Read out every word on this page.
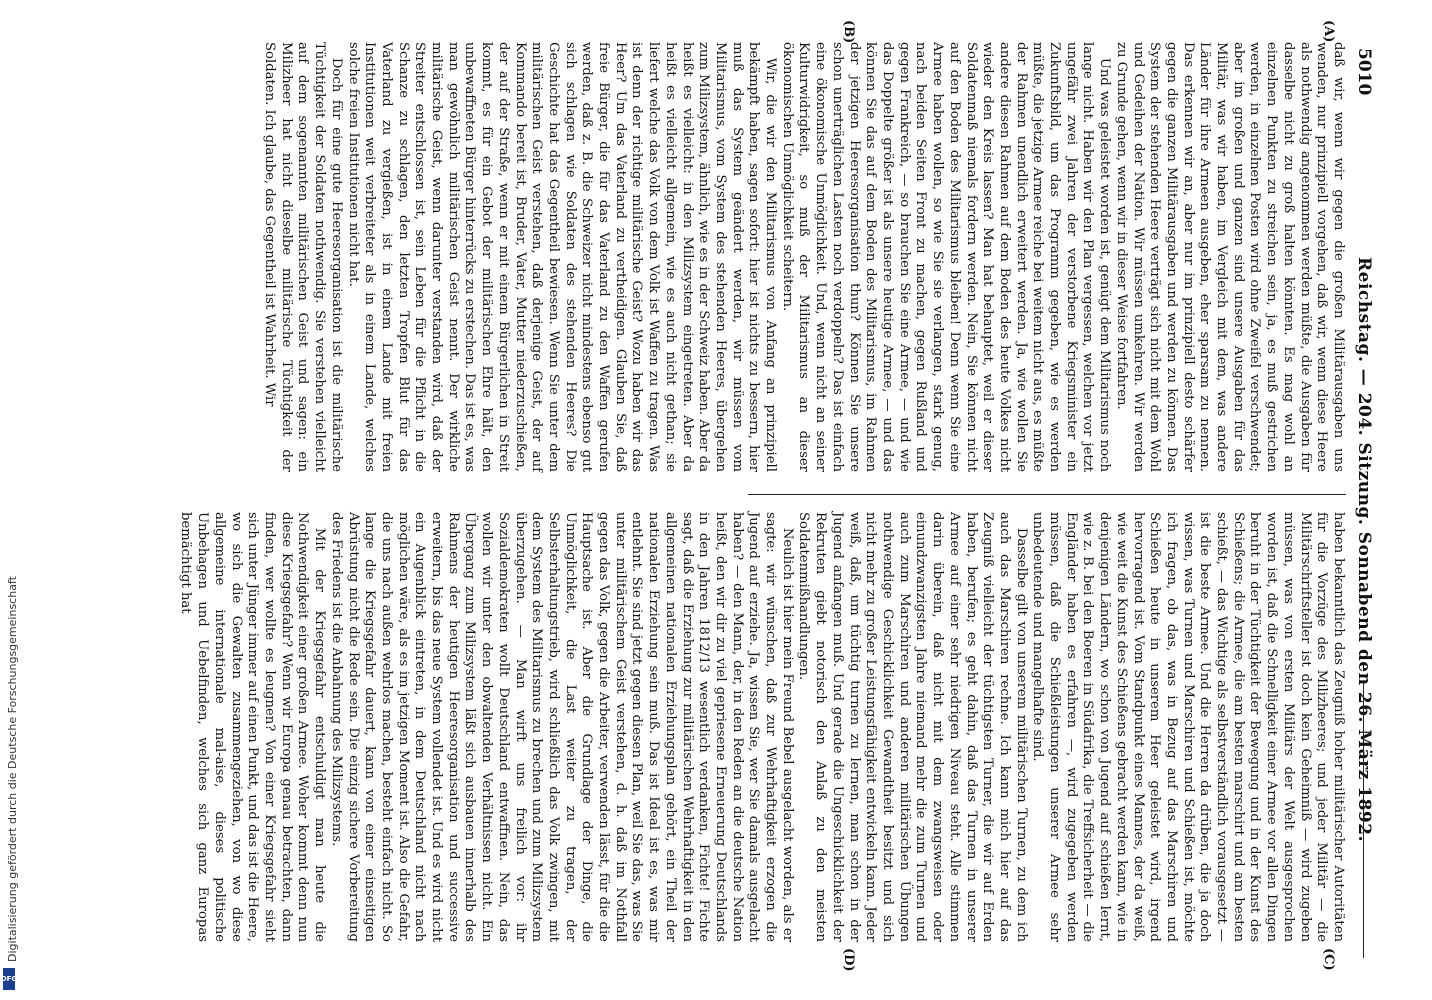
5010
Reichstag. — 204. Sitzung. Sonnabend den 26. März 1892.
(A)
(B)
(C)
(D)

daß wir, wenn wir gegen die großen Militärausgaben uns wenden, nur prinzipiell vorgehen, daß wir, wenn diese Heere als nothwendig angenommen werden müßte, die Ausgaben für dasselbe nicht zu groß halten könnten. Es mag wohl an einzelnen Punkten zu streichen sein, ja, es muß gestrichen werden, in einzelnen Posten wird ohne Zweifel verschwendet; aber im großen und ganzen sind unsere Ausgaben für das Militär, was wir haben, im Vergleich mit dem, was andere Länder für ihre Armeen ausgeben, eher sparsam zu nennen. Das erkennen wir an, aber nur im prinzipiell desto schärfer gegen die ganzen Militärausgaben und werden zu können. Das System der stehenden Heere verträgt sich nicht mit dem Wohl und Gedeihen der Nation. Wir müssen umkehren. Wir werden zu Grunde gehen, wenn wir in dieser Weise fortfahren.

Und was geleistet worden ist, genügt dem Militarismus noch lange nicht. Haben wir den Plan vergessen, welchen vor jetzt ungefähr zwei Jahren der verstorbene Kriegsminister ein Zukunftsbild, um das Programm gegeben, wie es werden müßte, die jetzige Armee reiche bei weitem nicht aus, es müßte der Rahmen unendlich erweitert werden. Ja, wie wollen Sie andere diesen Rahmen auf dem Boden des heute Volkes nicht wieder den Kreis lassen? Man hat behauptet, weil er dieser Soldatenmaß niemals fordern werden. Nein, Sie können nicht auf den Boden des Militarismus bleiben! Denn wenn Sie eine Armee haben wollen, so wie Sie sie verlangen, stark genug, nach beiden Seiten Front zu machen, gegen Rußland und gegen Frankreich, — so brauchen Sie eine Armee, — und wie das Doppelte größer ist als unsere heutige Armee, — und das können Sie das auf dem Boden des Militarismus, im Rahmen der jetzigen Heeresorganisation thun? Können Sie unsere schon unerträglichen Lasten noch verdoppeln? Das ist einfach eine ökonomische Unmöglichkeit. Und, wenn nicht an seiner Kulturwidrigkeit, so muß der Militarismus an dieser ökonomischen Unmöglichkeit scheitern.

Wir, die wir den Militarismus von Anfang an prinzipiell bekämpft haben, sagen sofort: hier ist nichts zu bessern, hier muß das System geändert werden, wir müssen vom Militarismus, vom System des stehenden Heeres, übergehen zum Milizsystem, ähnlich, wie es in der Schweiz haben. Aber da heißt es vielleicht: in den Milizsystem eingetreten. Aber da heißt es vielleicht allgemein, wie es auch nicht gethan; sie liefert welche das Volk von dem Volk ist Waffen zu tragen. Was ist denn der richtige militärische Geist? Wozu haben wir das Heer? Um das Vaterland zu vertheidigen. Glauben Sie, daß freie Bürger, die für das Vaterland zu den Waffen gerufen werden, daß z. B. die Schweizer nicht mindestens ebenso gut sich schlagen wie Soldaten des stehenden Heeres? Die Geschichte hat das Gegentheil bewiesen. Wenn Sie unter dem militärischen Geist verstehen, daß derjenige Geist, der auf Kommando bereit ist, Bruder, Vater, Mutter niederzuschießen, der auf der Straße, wenn er mit einem Bürgerlichen in Streit kommt, es für ein Gebot der militärischen Ehre hält, den unbewaffneten Bürger hinterrücks zu erstechen. Das ist es, was man gewöhnlich militärischen Geist nennt. Der wirkliche militärische Geist, wenn darunter verstanden wird, daß der Streiter entschlossen ist, sein Leben für die Pflicht in die Schanze zu schlagen, den letzten Tropfen Blut für das Vaterland zu vergießen, ist in einem Lande mit freien Institutionen weit verbreiteter als in einem Lande, welches solche freien Institutionen nicht hat.

Doch für eine gute Heeresorganisation ist die militärische Tüchtigkeit der Soldaten nothwendig. Sie verstehen vielleicht auf dem sogenannten militärischen Geist und sagen: ein Milizheer hat nicht dieselbe militärische Tüchtigkeit der Soldaten. Ich glaube, das Gegentheil ist Wahrheit. Wir

haben bekanntlich das Zeugniß hoher militärischer Autoritäten für die Vorzüge des Milizheeres; und jeder Militär — die Militärschriftsteller ist doch kein Geheimniß — wird zugeben müssen, was von ersten Militärs der Welt ausgesprochen worden ist, daß die Schnelligkeit einer Armee vor allen Dingen beruht in der Tüchtigkeit der Bewegung und in der Kunst des Schießens; die Armee, die am besten marschirt und am besten schießt, — das Wichtige als selbstverständlich vorausgesetzt — ist die beste Armee. Und die Herren da drüben, die ja doch wissen, was Turnen und Marschiren und Schießen ist, möchte ich fragen, ob das, was in Bezug auf das Marschiren und Schießen heute in unserem Heer geleistet wird, irgend hervorragend ist. Vom Standpunkt eines Mannes, der da weiß, wie weit die Kunst des Schießens gebracht werden kann, wie in denjenigen Ländern, wo schon von Jugend auf schießen lernt, wie z. B. bei den Boeren in Südafrika, die Treffsicherheit — die Engländer haben es erfahren —, wird zugegeben werden müssen, daß die Schießleistungen unserer Armee sehr unbedeutende und mangelhafte sind.

Dasselbe gilt von unserem militärischen Turnen, zu dem ich auch das Marschiren rechne. Ich kann mich hier auf das Zeugniß vielleicht der tüchtigsten Turner, die wir auf Erden haben, berufen; es geht dahin, daß das Turnen in unserer Armee auf einer sehr niedrigen Niveau steht. Alle stimmen darin überein, daß nicht mit dem zwangsweisen oder einundzwanzigsten Jahre niemand mehr die zum Turnen und auch zum Marschiren und anderen militärischen Übungen nothwendige Geschicklichkeit Gewandtheit besitzt und sich nicht mehr zu großer Leistungsfähigkeit entwickeln kann. Jeder weiß, daß, um tüchtig turnen zu lernen, man schon in der Jugend anfangen muß. Und gerade die Ungeschicklichkeit der Rekruten giebt notorisch den Anlaß zu den meisten Soldatenmißhandlungen.

Neulich ist hier mein Freund Bebel ausgelacht worden, als er sagte: wir wünschen, daß zur Wehrhaftigkeit erzogen die Jugend auf erziehe. Ja, wissen Sie, wer Sie damals ausgelacht haben? — den Mann, der, in den Reden an die deutsche Nation heißt, den wir dir zu viel gepriesene Erneuerung Deutschlands in den Jahren 1812/13 wesentlich verdanken, Fichte! Fichte sagt, daß die Erziehung zur militärischen Wehrhaftigkeit in den allgemeinen nationalen Erziehungsplan gehört, ein Theil der nationalen Erziehung sein muß. Das ist Ideal ist es, was mir entlehnt. Sie sind jetzt gegen diesen Plan, weil Sie das, was Sie unter militärischem Geist verstehen, d. h. daß im Nothfall gegen das Volk, gegen die Arbeiter, verwenden lässt, für die die Hauptsache ist. Aber die Grundlage der Dinge, die Unmöglichkeit, die Last weiter zu tragen, der Selbsterhaltungstrieb, wird schließlich das Volk zwingen, mit dem System des Militarismus zu brechen und zum Milizsystem überzugehen. — Man wirft uns freilich vor: ihr Sozialdemokraten wollt Deutschland entwaffnen. Nein, das wollen wir unter den obwaltenden Verhältnissen nicht. Ein Übergang zum Milizsystem läßt sich ausbauen innerhalb des Rahmens der heutigen Heeresorganisation und successive erweitern, bis das neue System vollendet ist. Und es wird nicht ein Augenblick eintreten, in dem Deutschland nicht nach möglichen wäre, als es im jetzigen Moment ist. Also die Gefahr, die uns nach außen wehrlos machen, besteht einfach nicht. So lange die Kriegsgefahr dauert, kann von einer einseitigen Abrüstung nicht die Rede sein. Die einzig sichere Vorbereitung des Friedens ist die Anbahnung des Milizsystems.

Mit der Kriegsgefahr entschuldigt man heute die Nothwendigkeit einer großen Armee. Woher kommt denn nun diese Kriegsgefahr? Wenn wir Europa genau betrachten, dann finden, wer wollte es leugnen? Von einer Kriegsgefahr sieht sich unter Jünger immer auf einen Punkt, und das ist die Heere, wo sich die Gewalten zusammengeziehen, von wo diese allgemeine internationale mal-aise, dieses politische Unbehagen und Uebelfinden, welches sich ganz Europas bemächtigt hat

DFG
Digitalisierung gefördert durch die Deutsche Forschungsgemeinschaft
